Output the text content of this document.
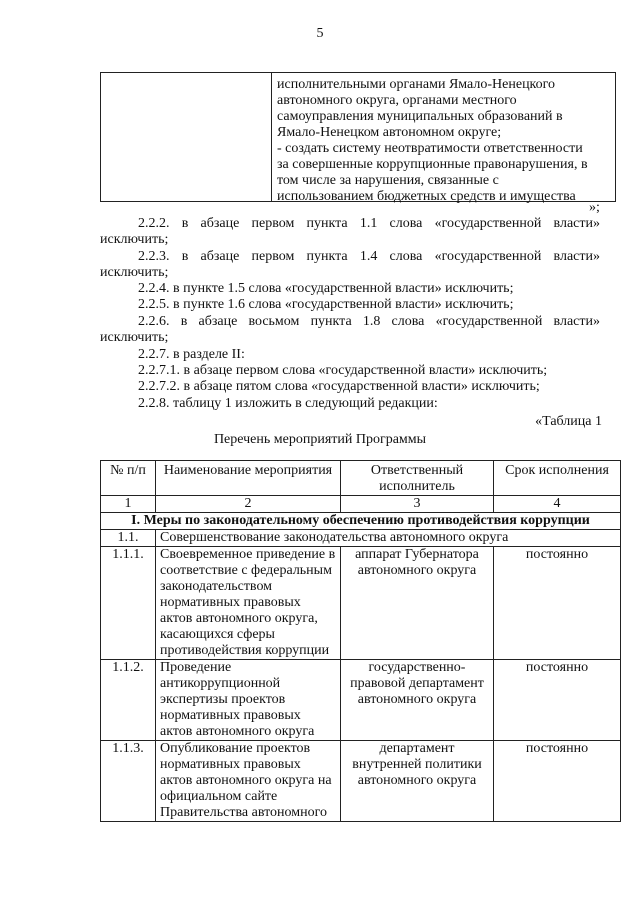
5
исполнительными органами Ямало-Ненецкого
автономного округа, органами местного
самоуправления муниципальных образований в
Ямало-Ненецком автономном округе;
- создать систему неотвратимости ответственности
за совершенные коррупционные правонарушения, в
том числе за нарушения, связанные с
использованием бюджетных средств и имущества
»;
2.2.2. в абзаце первом пункта 1.1 слова «государственной власти»
исключить;
2.2.3. в абзаце первом пункта 1.4 слова «государственной власти»
исключить;
2.2.4. в пункте 1.5 слова «государственной власти» исключить;
2.2.5. в пункте 1.6 слова «государственной власти» исключить;
2.2.6. в абзаце восьмом пункта 1.8 слова «государственной власти»
исключить;
2.2.7. в разделе II:
2.2.7.1. в абзаце первом слова «государственной власти» исключить;
2.2.7.2. в абзаце пятом слова «государственной власти» исключить;
2.2.8. таблицу 1 изложить в следующий редакции:
«Таблица 1
Перечень мероприятий Программы
№ п/п	Наименование мероприятия	Ответственный исполнитель	Срок исполнения
1	2	3	4
I. Меры по законодательному обеспечению противодействия коррупции			
1.1.	Совершенствование законодательства автономного округа		
1.1.1.	Своевременное приведение в соответствие с федеральным законодательством нормативных правовых актов автономного округа, касающихся сферы противодействия коррупции	аппарат Губернатора автономного округа	постоянно
1.1.2.	Проведение антикоррупционной экспертизы проектов нормативных правовых актов автономного округа	государственно-правовой департамент автономного округа	постоянно
1.1.3.	Опубликование проектов нормативных правовых актов автономного округа на официальном сайте Правительства автономного	департамент внутренней политики автономного округа	постоянно
